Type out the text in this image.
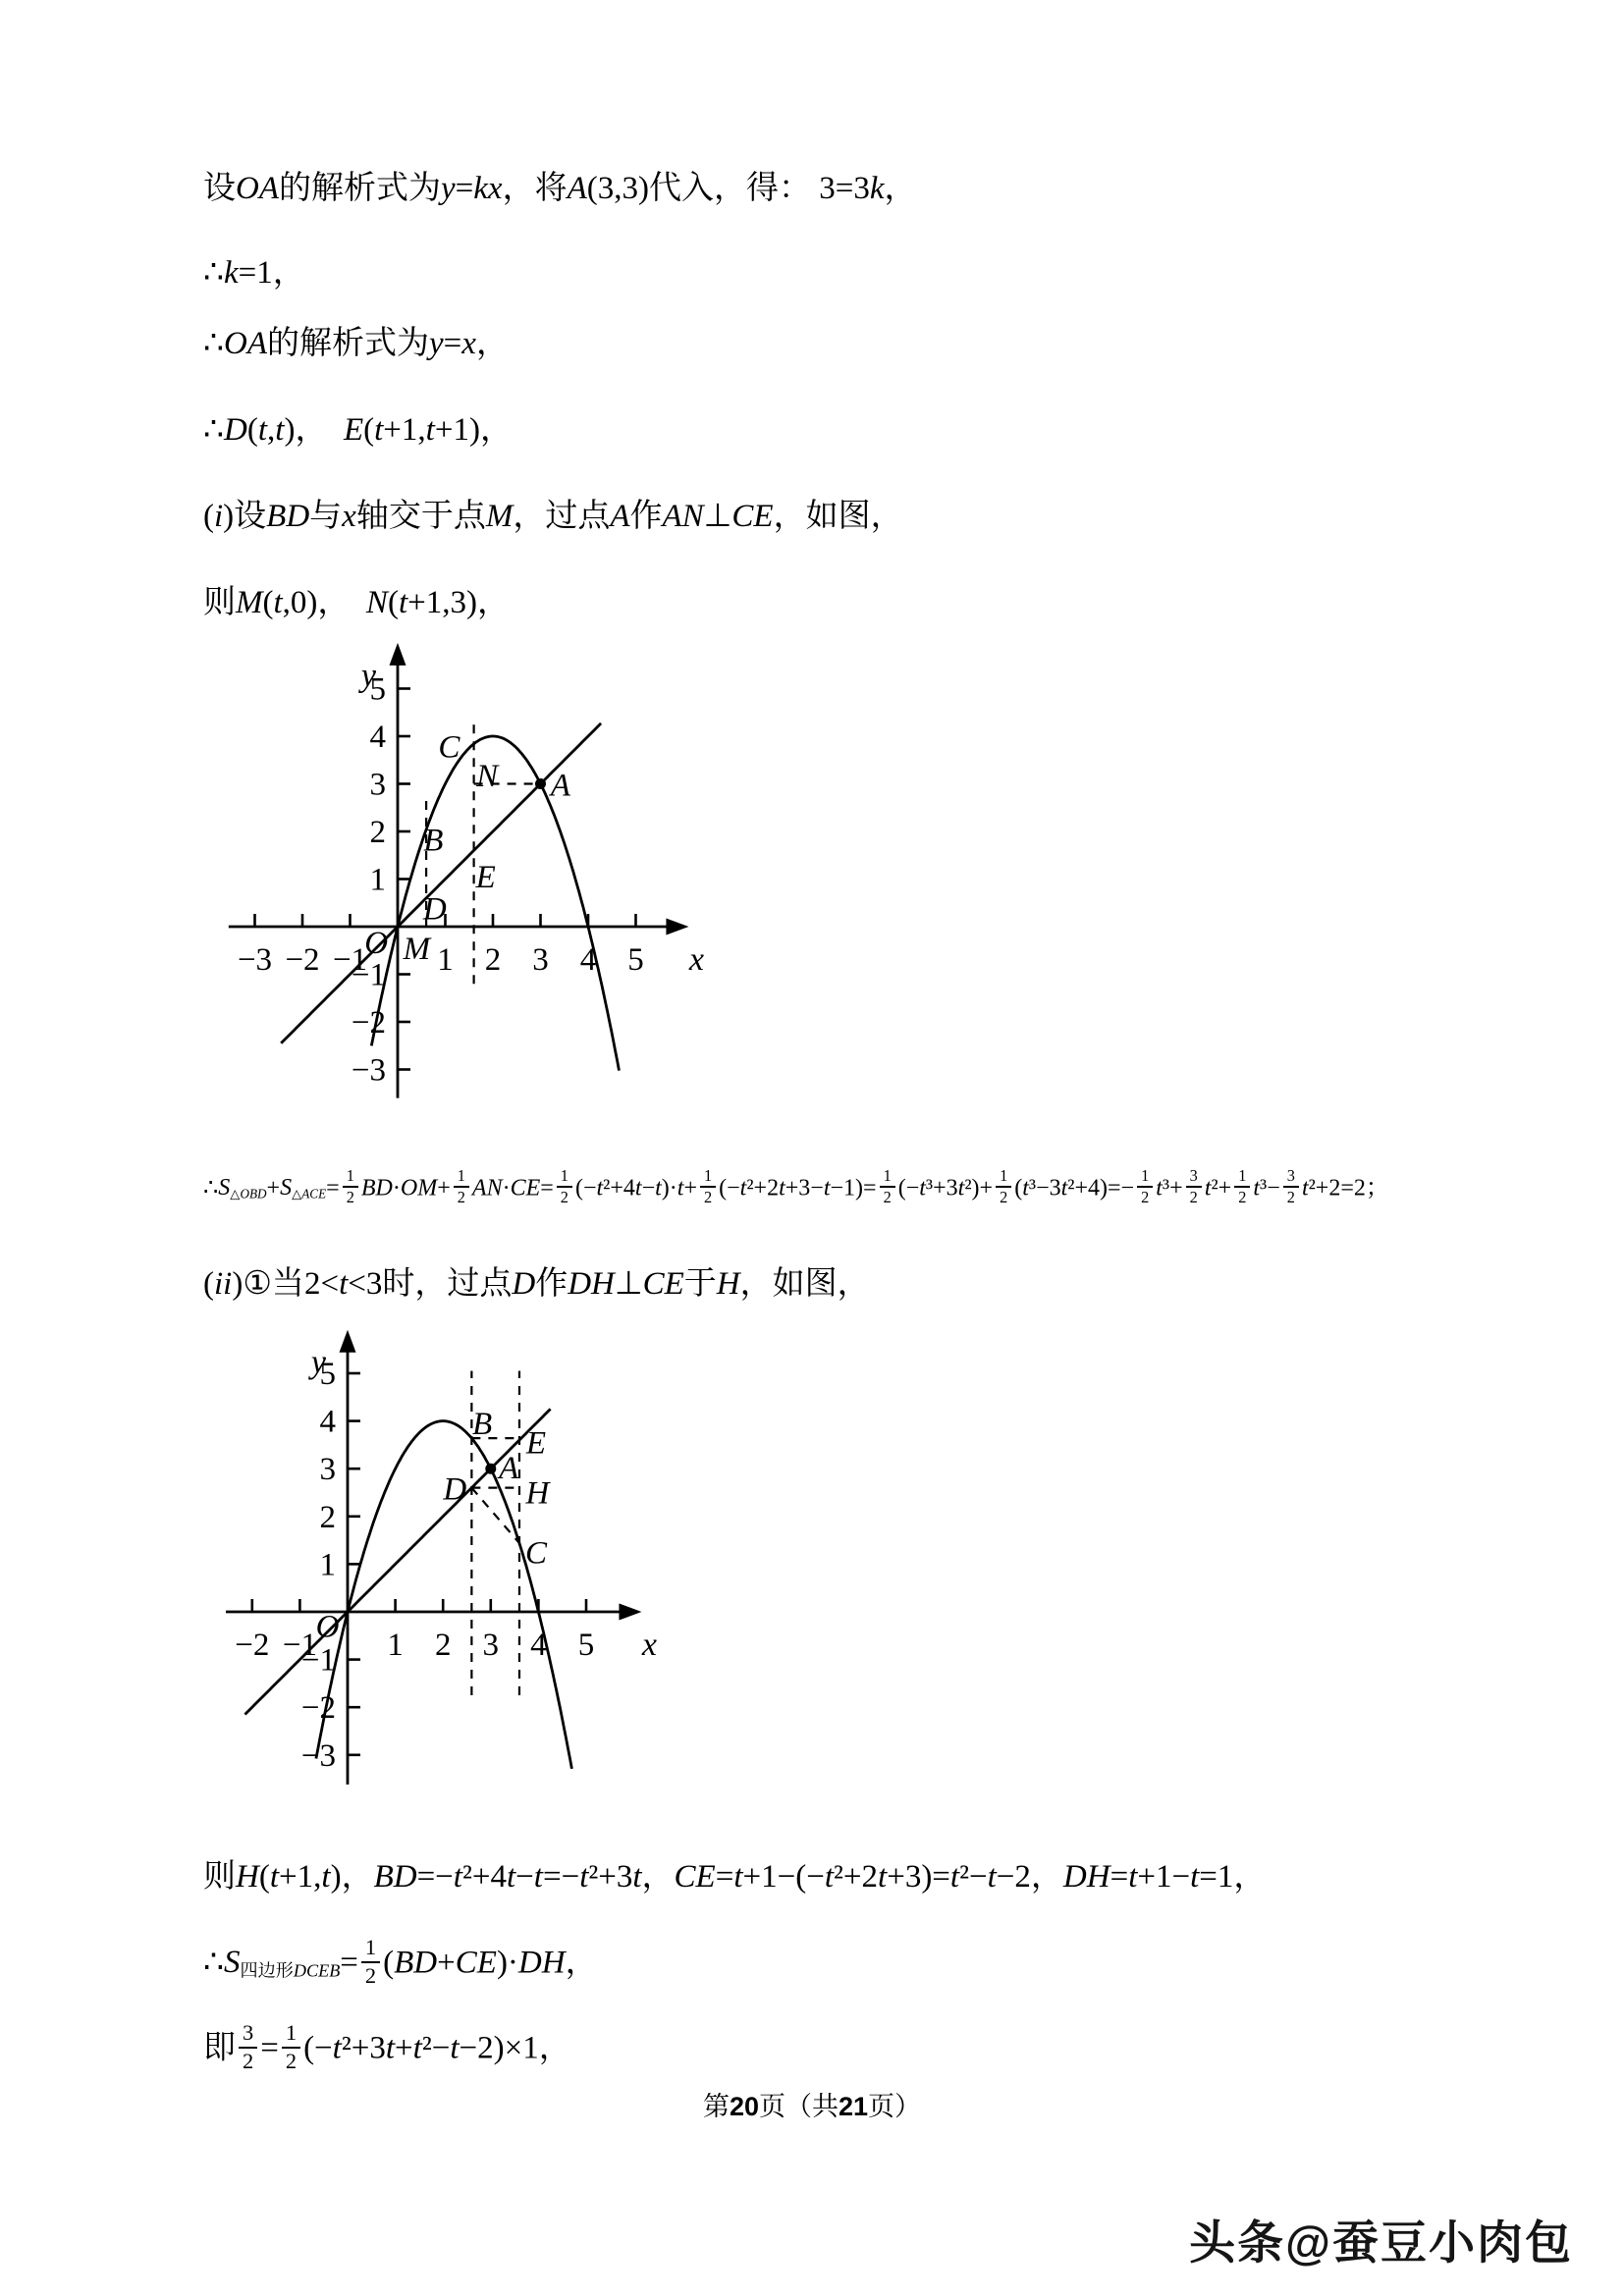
设OA的解析式为y=kx，将A(3,3)代入，得： 3=3k，
∴k=1，
∴OA的解析式为y=x，
∴D(t,t)，  E(t+1,t+1)，
(i)设BD与x轴交于点M，过点A作AN⊥CE，如图，
则M(t,0)，  N(t+1,3)，
−3 −2 −1 1 2 3 4 5
5
4
3
2
1
−1
−2
−3
x
y
C
N A
B
E
D
M
O
∴S△OBD+S△ACE= $\frac{1}{2} BD\cdot OM+ \frac{1}{2} AN\cdot CE= \frac{1}{2} (-t^2+4t-t)\cdot t+ \frac{1}{2} (-t^2+2t+3-t-1)= \frac{1}{2} (-t^3+3t^2)+ \frac{1}{2} (t^3-3t^2+4)=- \frac{1}{2} t^3+ \frac{3}{2} t^2+ \frac{1}{2} t^3- \frac{3}{2} t^2+2=2$；
(ii)①当2<t<3时，过点D作DH⊥CE于H，如图，
−2 −1 1 2 3 4 5
5
4
3
2
1
−1
−2
−3
x
y
B
E
A
D H
C
O
则H(t+1,t)，BD=−t²+4t−t=−t²+3t，CE=t+1−(−t²+2t+3)=t²−t−2，DH=t+1−t=1，
∴S四边形DCEB= $\frac{1}{2} (BD+CE)\cdot DH$，
即 $\frac{3}{2} = \frac{1}{2} (-t^2+3t+t^2-t-2)\times 1$，
第20页（共21页）
头条@蚕豆小肉包
